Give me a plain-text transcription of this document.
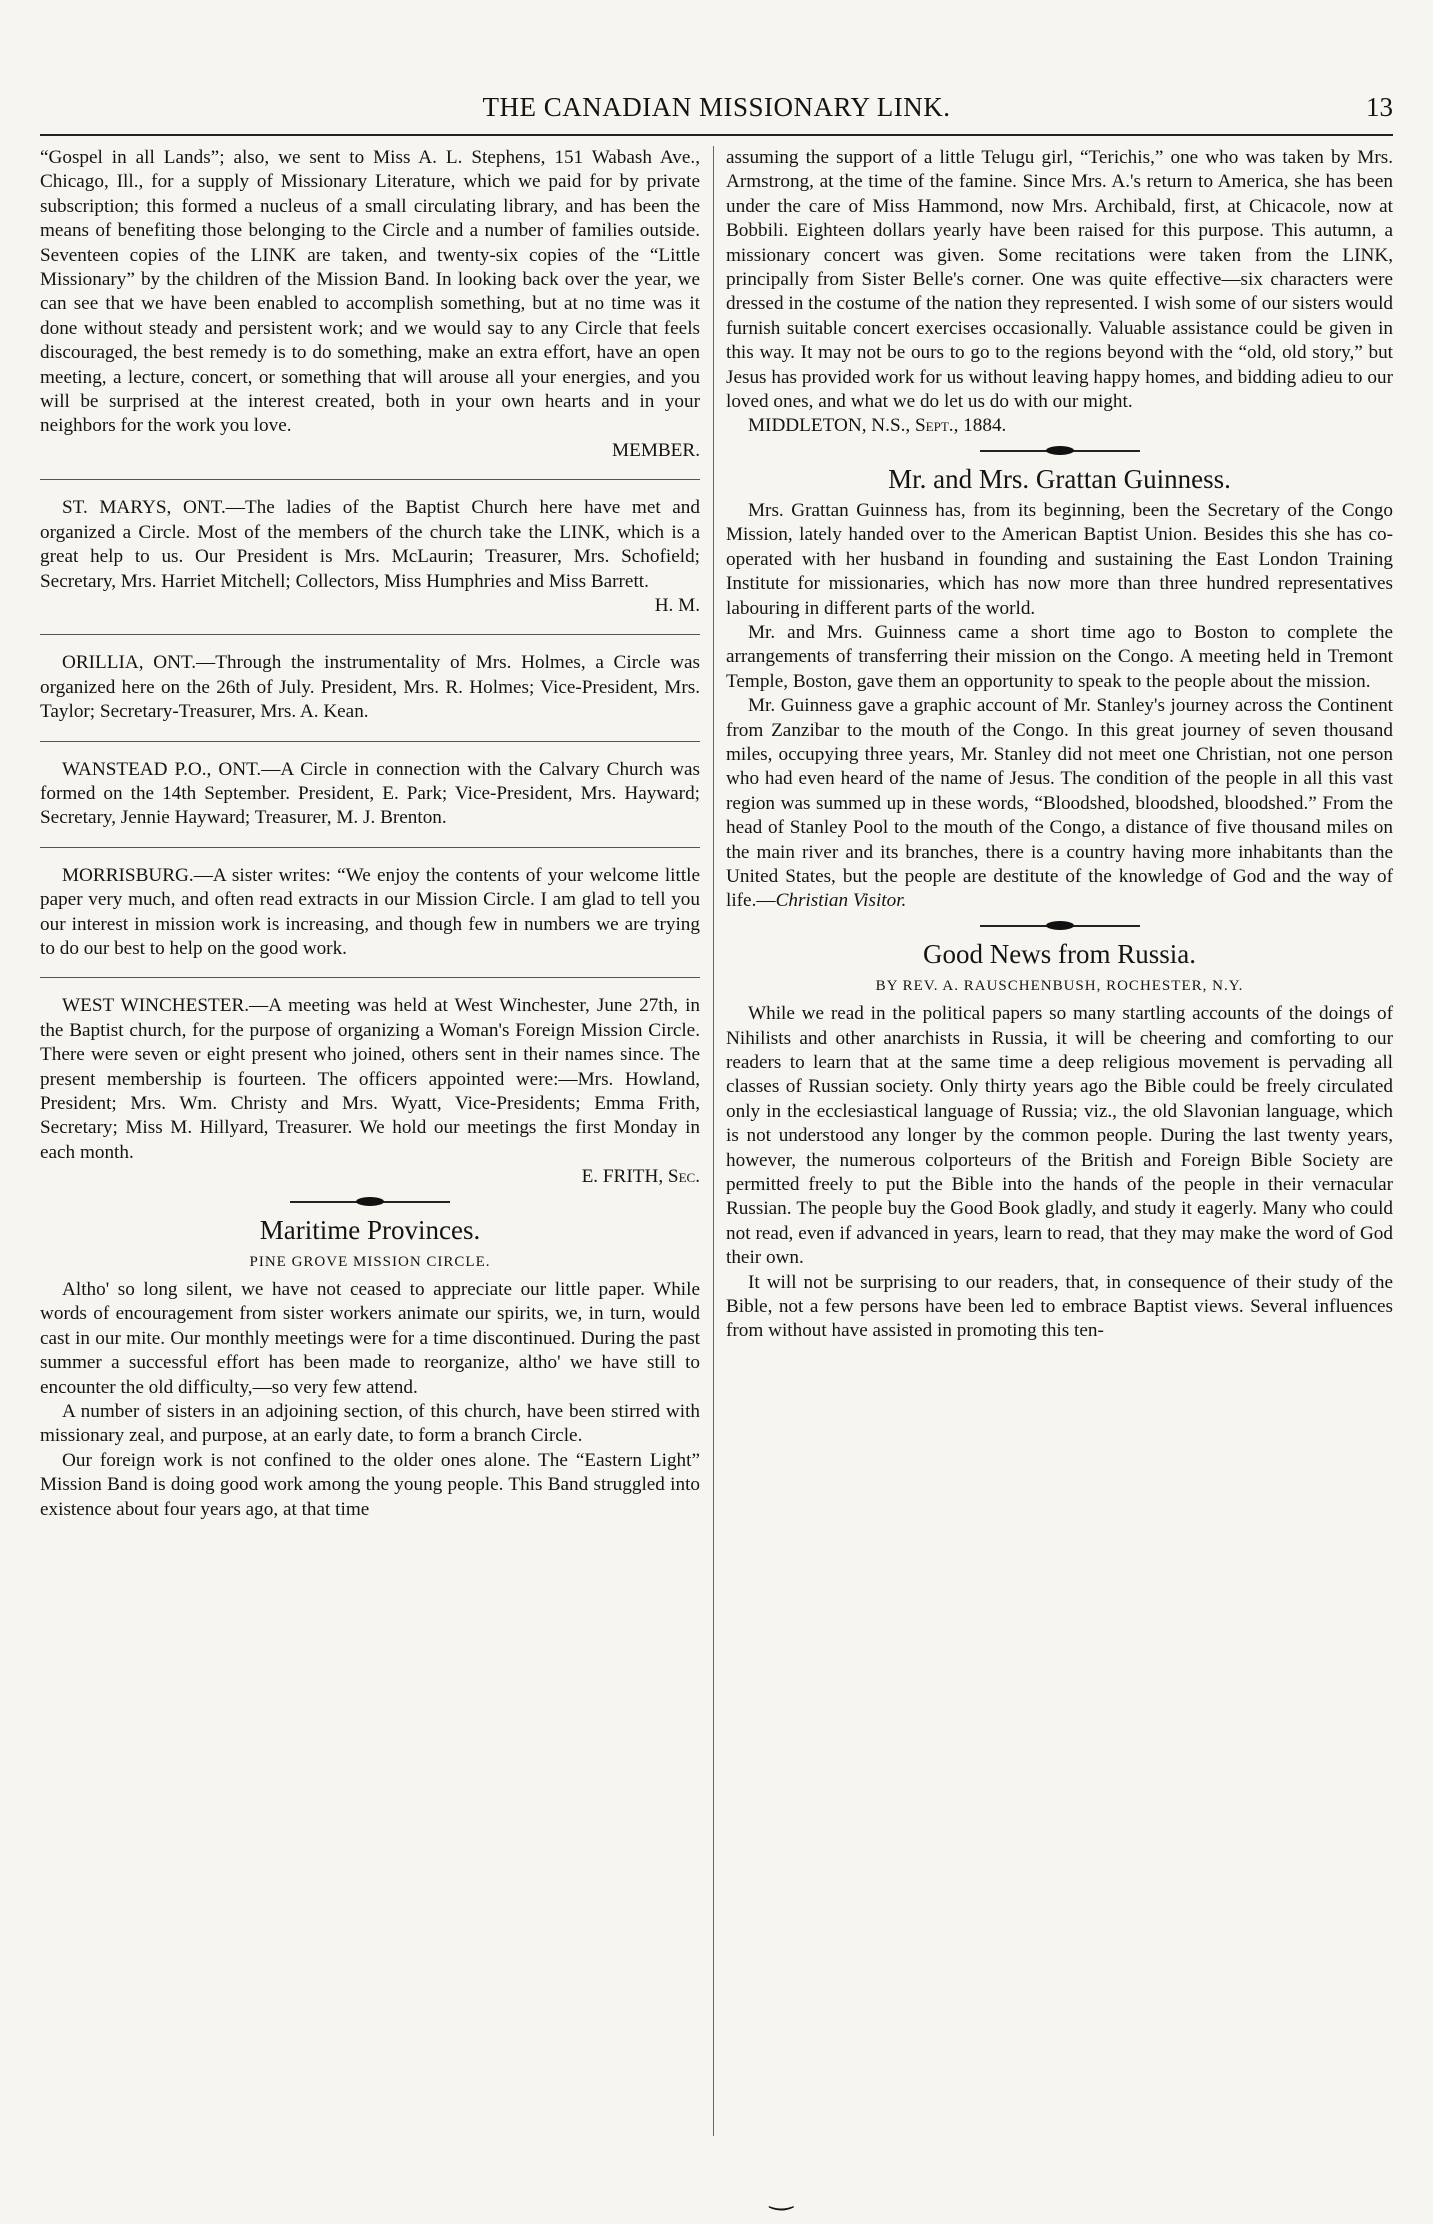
THE CANADIAN MISSIONARY LINK.	13

“Gospel in all Lands”; also, we sent to Miss A. L. Stephens, 151 Wabash Ave., Chicago, Ill., for a supply of Missionary Literature, which we paid for by private subscription; this formed a nucleus of a small circulating library, and has been the means of benefiting those belonging to the Circle and a number of families outside. Seventeen copies of the LINK are taken, and twenty-six copies of the “Little Missionary” by the children of the Mission Band. In looking back over the year, we can see that we have been enabled to accomplish something, but at no time was it done without steady and persistent work; and we would say to any Circle that feels discouraged, the best remedy is to do something, make an extra effort, have an open meeting, a lecture, concert, or something that will arouse all your energies, and you will be surprised at the interest created, both in your own hearts and in your neighbors for the work you love.

MEMBER.

ST. MARYS, ONT.—The ladies of the Baptist Church here have met and organized a Circle. Most of the members of the church take the LINK, which is a great help to us. Our President is Mrs. McLaurin; Treasurer, Mrs. Schofield; Secretary, Mrs. Harriet Mitchell; Collectors, Miss Humphries and Miss Barrett.

H. M.

ORILLIA, ONT.—Through the instrumentality of Mrs. Holmes, a Circle was organized here on the 26th of July. President, Mrs. R. Holmes; Vice-President, Mrs. Taylor; Secretary-Treasurer, Mrs. A. Kean.

WANSTEAD P.O., ONT.—A Circle in connection with the Calvary Church was formed on the 14th September. President, E. Park; Vice-President, Mrs. Hayward; Secretary, Jennie Hayward; Treasurer, M. J. Brenton.

MORRISBURG.—A sister writes: “We enjoy the contents of your welcome little paper very much, and often read extracts in our Mission Circle. I am glad to tell you our interest in mission work is increasing, and though few in numbers we are trying to do our best to help on the good work.

WEST WINCHESTER.—A meeting was held at West Winchester, June 27th, in the Baptist church, for the purpose of organizing a Woman's Foreign Mission Circle. There were seven or eight present who joined, others sent in their names since. The present membership is fourteen. The officers appointed were:—Mrs. Howland, President; Mrs. Wm. Christy and Mrs. Wyatt, Vice-Presidents; Emma Frith, Secretary; Miss M. Hillyard, Treasurer. We hold our meetings the first Monday in each month.

E. FRITH, Sec.

Maritime Provinces.
PINE GROVE MISSION CIRCLE.

Altho' so long silent, we have not ceased to appreciate our little paper. While words of encouragement from sister workers animate our spirits, we, in turn, would cast in our mite. Our monthly meetings were for a time discontinued. During the past summer a successful effort has been made to reorganize, altho' we have still to encounter the old difficulty,—so very few attend.

A number of sisters in an adjoining section, of this church, have been stirred with missionary zeal, and purpose, at an early date, to form a branch Circle.

Our foreign work is not confined to the older ones alone. The “Eastern Light” Mission Band is doing good work among the young people. This Band struggled into existence about four years ago, at that time

assuming the support of a little Telugu girl, “Terichis,” one who was taken by Mrs. Armstrong, at the time of the famine. Since Mrs. A.'s return to America, she has been under the care of Miss Hammond, now Mrs. Archibald, first, at Chicacole, now at Bobbili. Eighteen dollars yearly have been raised for this purpose. This autumn, a missionary concert was given. Some recitations were taken from the LINK, principally from Sister Belle's corner. One was quite effective—six characters were dressed in the costume of the nation they represented. I wish some of our sisters would furnish suitable concert exercises occasionally. Valuable assistance could be given in this way. It may not be ours to go to the regions beyond with the “old, old story,” but Jesus has provided work for us without leaving happy homes, and bidding adieu to our loved ones, and what we do let us do with our might.

MIDDLETON, N.S., Sept., 1884.

Mr. and Mrs. Grattan Guinness.

Mrs. Grattan Guinness has, from its beginning, been the Secretary of the Congo Mission, lately handed over to the American Baptist Union. Besides this she has co-operated with her husband in founding and sustaining the East London Training Institute for missionaries, which has now more than three hundred representatives labouring in different parts of the world.

Mr. and Mrs. Guinness came a short time ago to Boston to complete the arrangements of transferring their mission on the Congo. A meeting held in Tremont Temple, Boston, gave them an opportunity to speak to the people about the mission.

Mr. Guinness gave a graphic account of Mr. Stanley's journey across the Continent from Zanzibar to the mouth of the Congo. In this great journey of seven thousand miles, occupying three years, Mr. Stanley did not meet one Christian, not one person who had even heard of the name of Jesus. The condition of the people in all this vast region was summed up in these words, “Bloodshed, bloodshed, bloodshed.” From the head of Stanley Pool to the mouth of the Congo, a distance of five thousand miles on the main river and its branches, there is a country having more inhabitants than the United States, but the people are destitute of the knowledge of God and the way of life.—Christian Visitor.

Good News from Russia.
BY REV. A. RAUSCHENBUSH, ROCHESTER, N.Y.

While we read in the political papers so many startling accounts of the doings of Nihilists and other anarchists in Russia, it will be cheering and comforting to our readers to learn that at the same time a deep religious movement is pervading all classes of Russian society. Only thirty years ago the Bible could be freely circulated only in the ecclesiastical language of Russia; viz., the old Slavonian language, which is not understood any longer by the common people. During the last twenty years, however, the numerous colporteurs of the British and Foreign Bible Society are permitted freely to put the Bible into the hands of the people in their vernacular Russian. The people buy the Good Book gladly, and study it eagerly. Many who could not read, even if advanced in years, learn to read, that they may make the word of God their own.

It will not be surprising to our readers, that, in consequence of their study of the Bible, not a few persons have been led to embrace Baptist views. Several influences from without have assisted in promoting this ten-

‿
